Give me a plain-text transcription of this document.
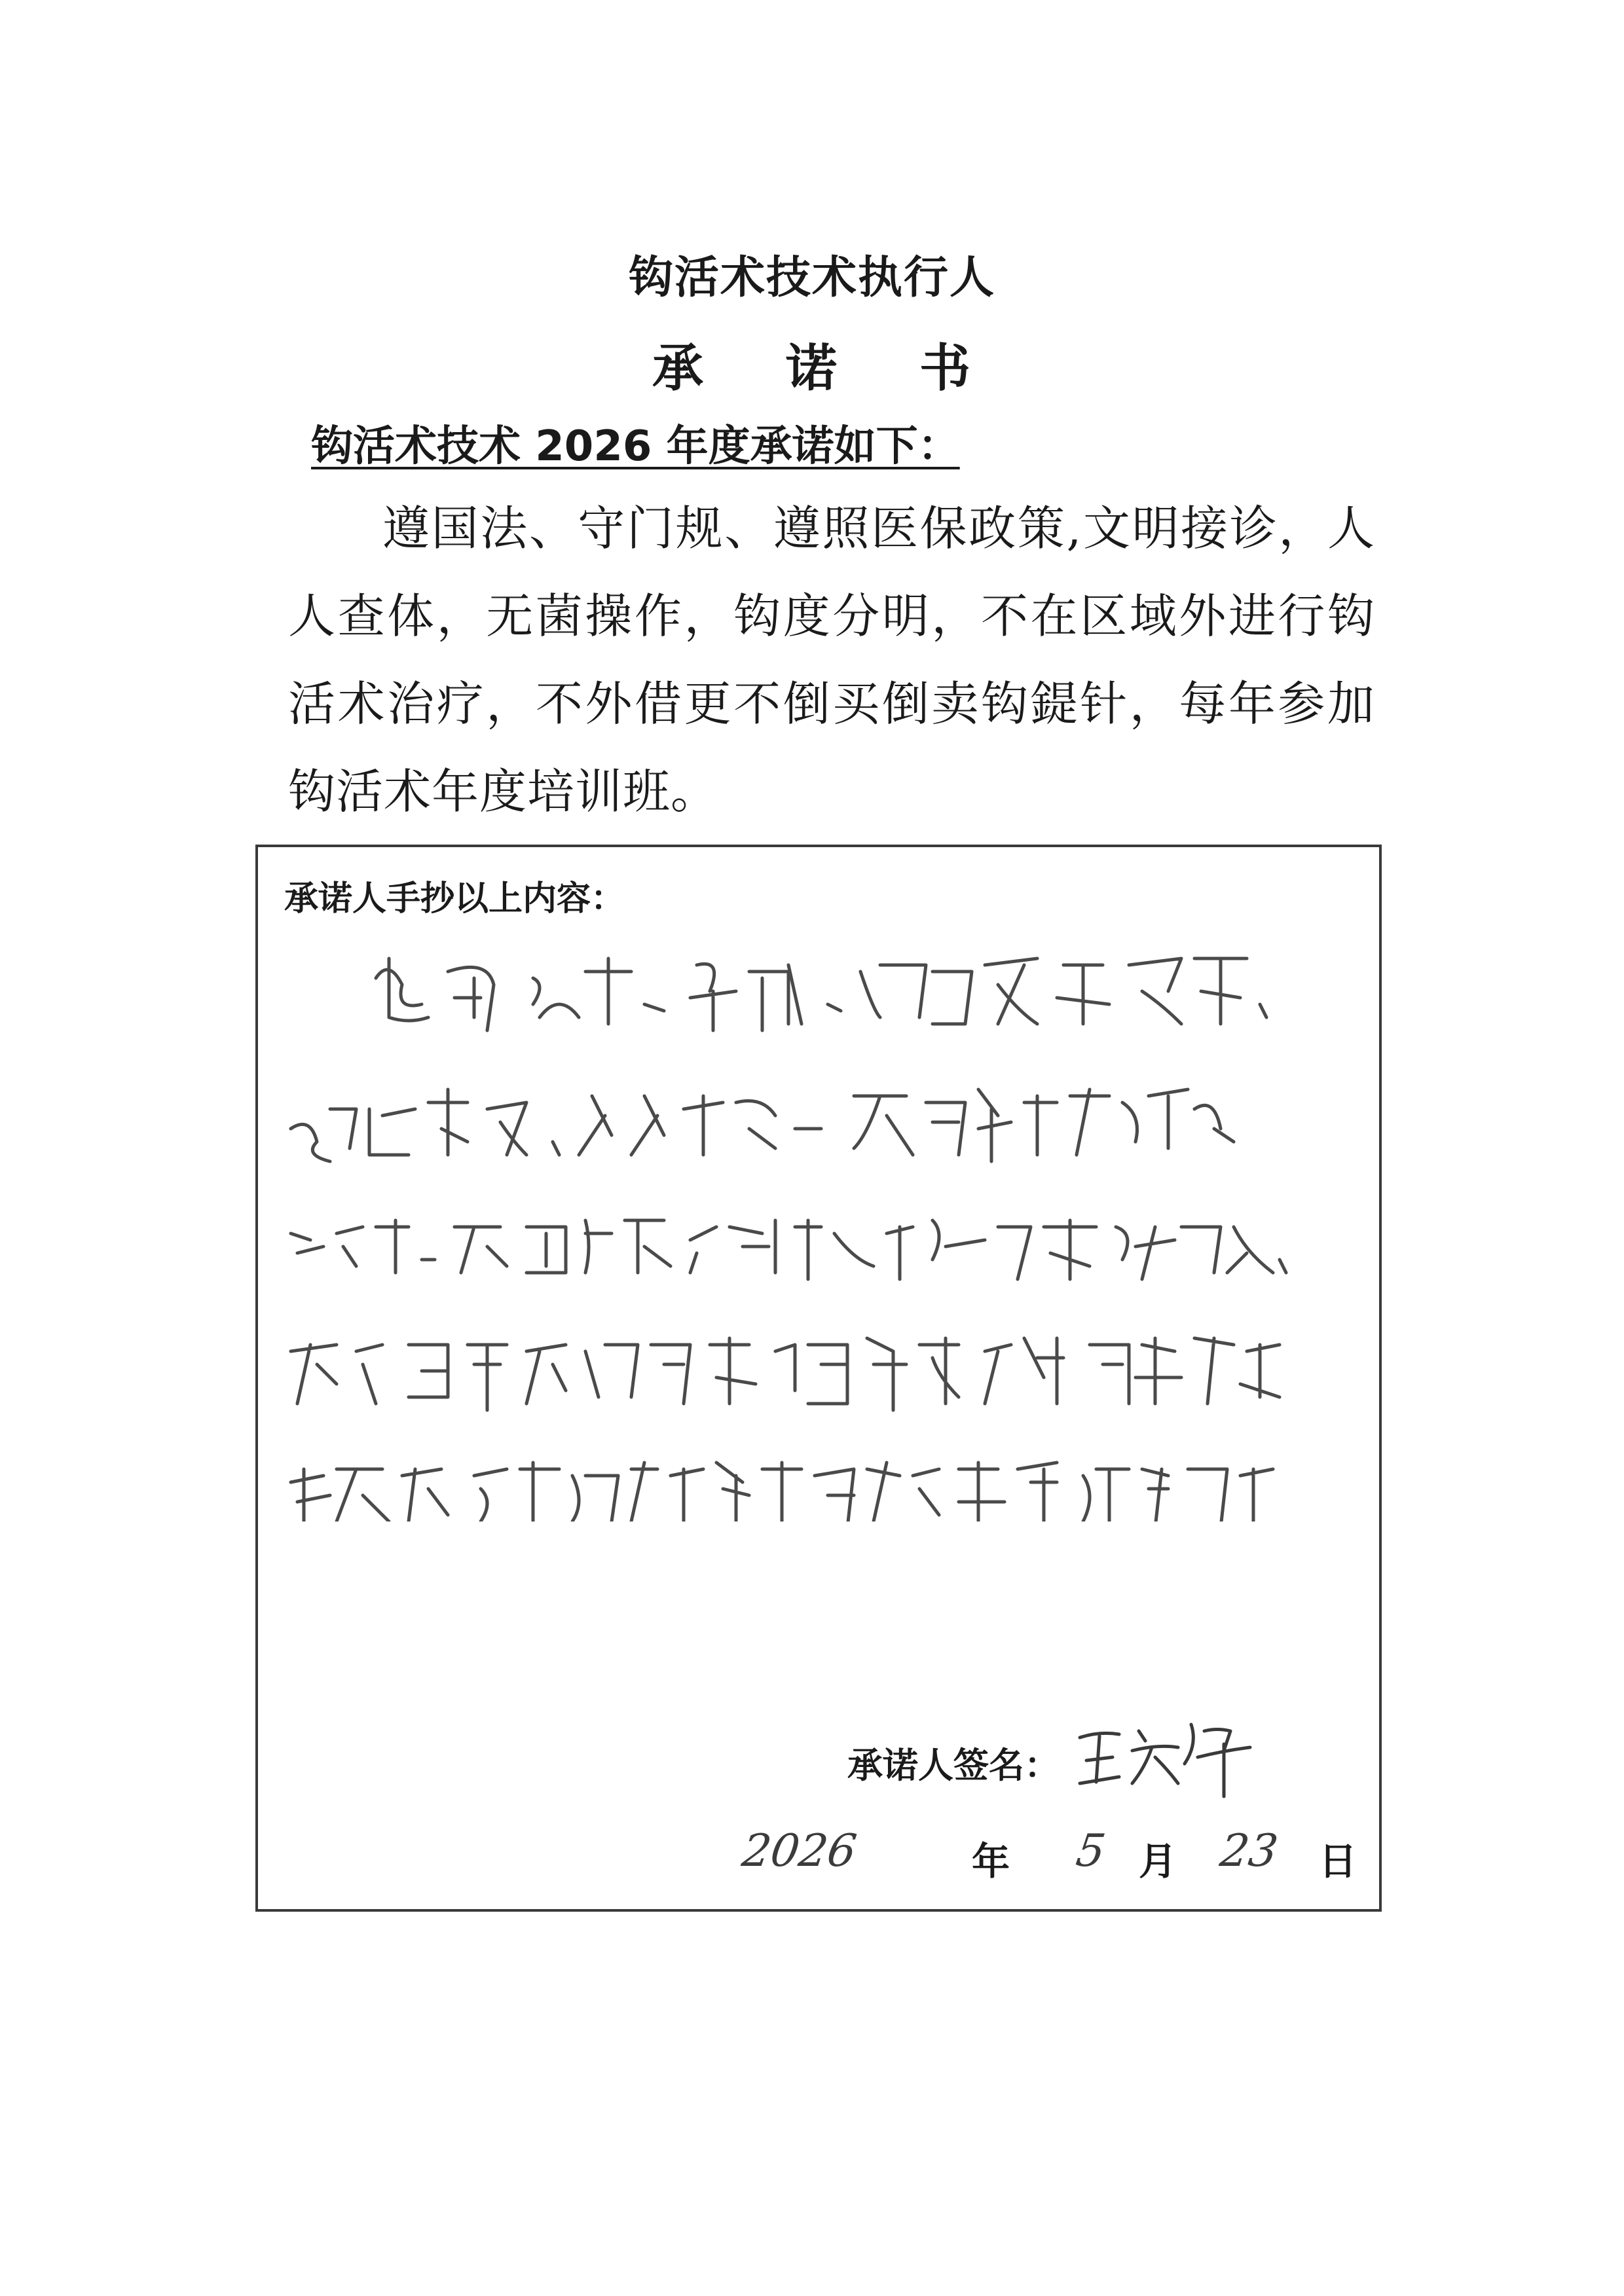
钩活术技术执行人
承 诺 书
钩活术技术 2026 年度承诺如下：
遵国法、守门规、遵照医保政策,文明接诊，人人查体，无菌操作，钩度分明，不在区域外进行钩活术治疗，不外借更不倒买倒卖钩鍉针，每年参加钩活术年度培训班。
承诺人手抄以上内容：
承诺人签名：
2026	年 5 月 23 日
